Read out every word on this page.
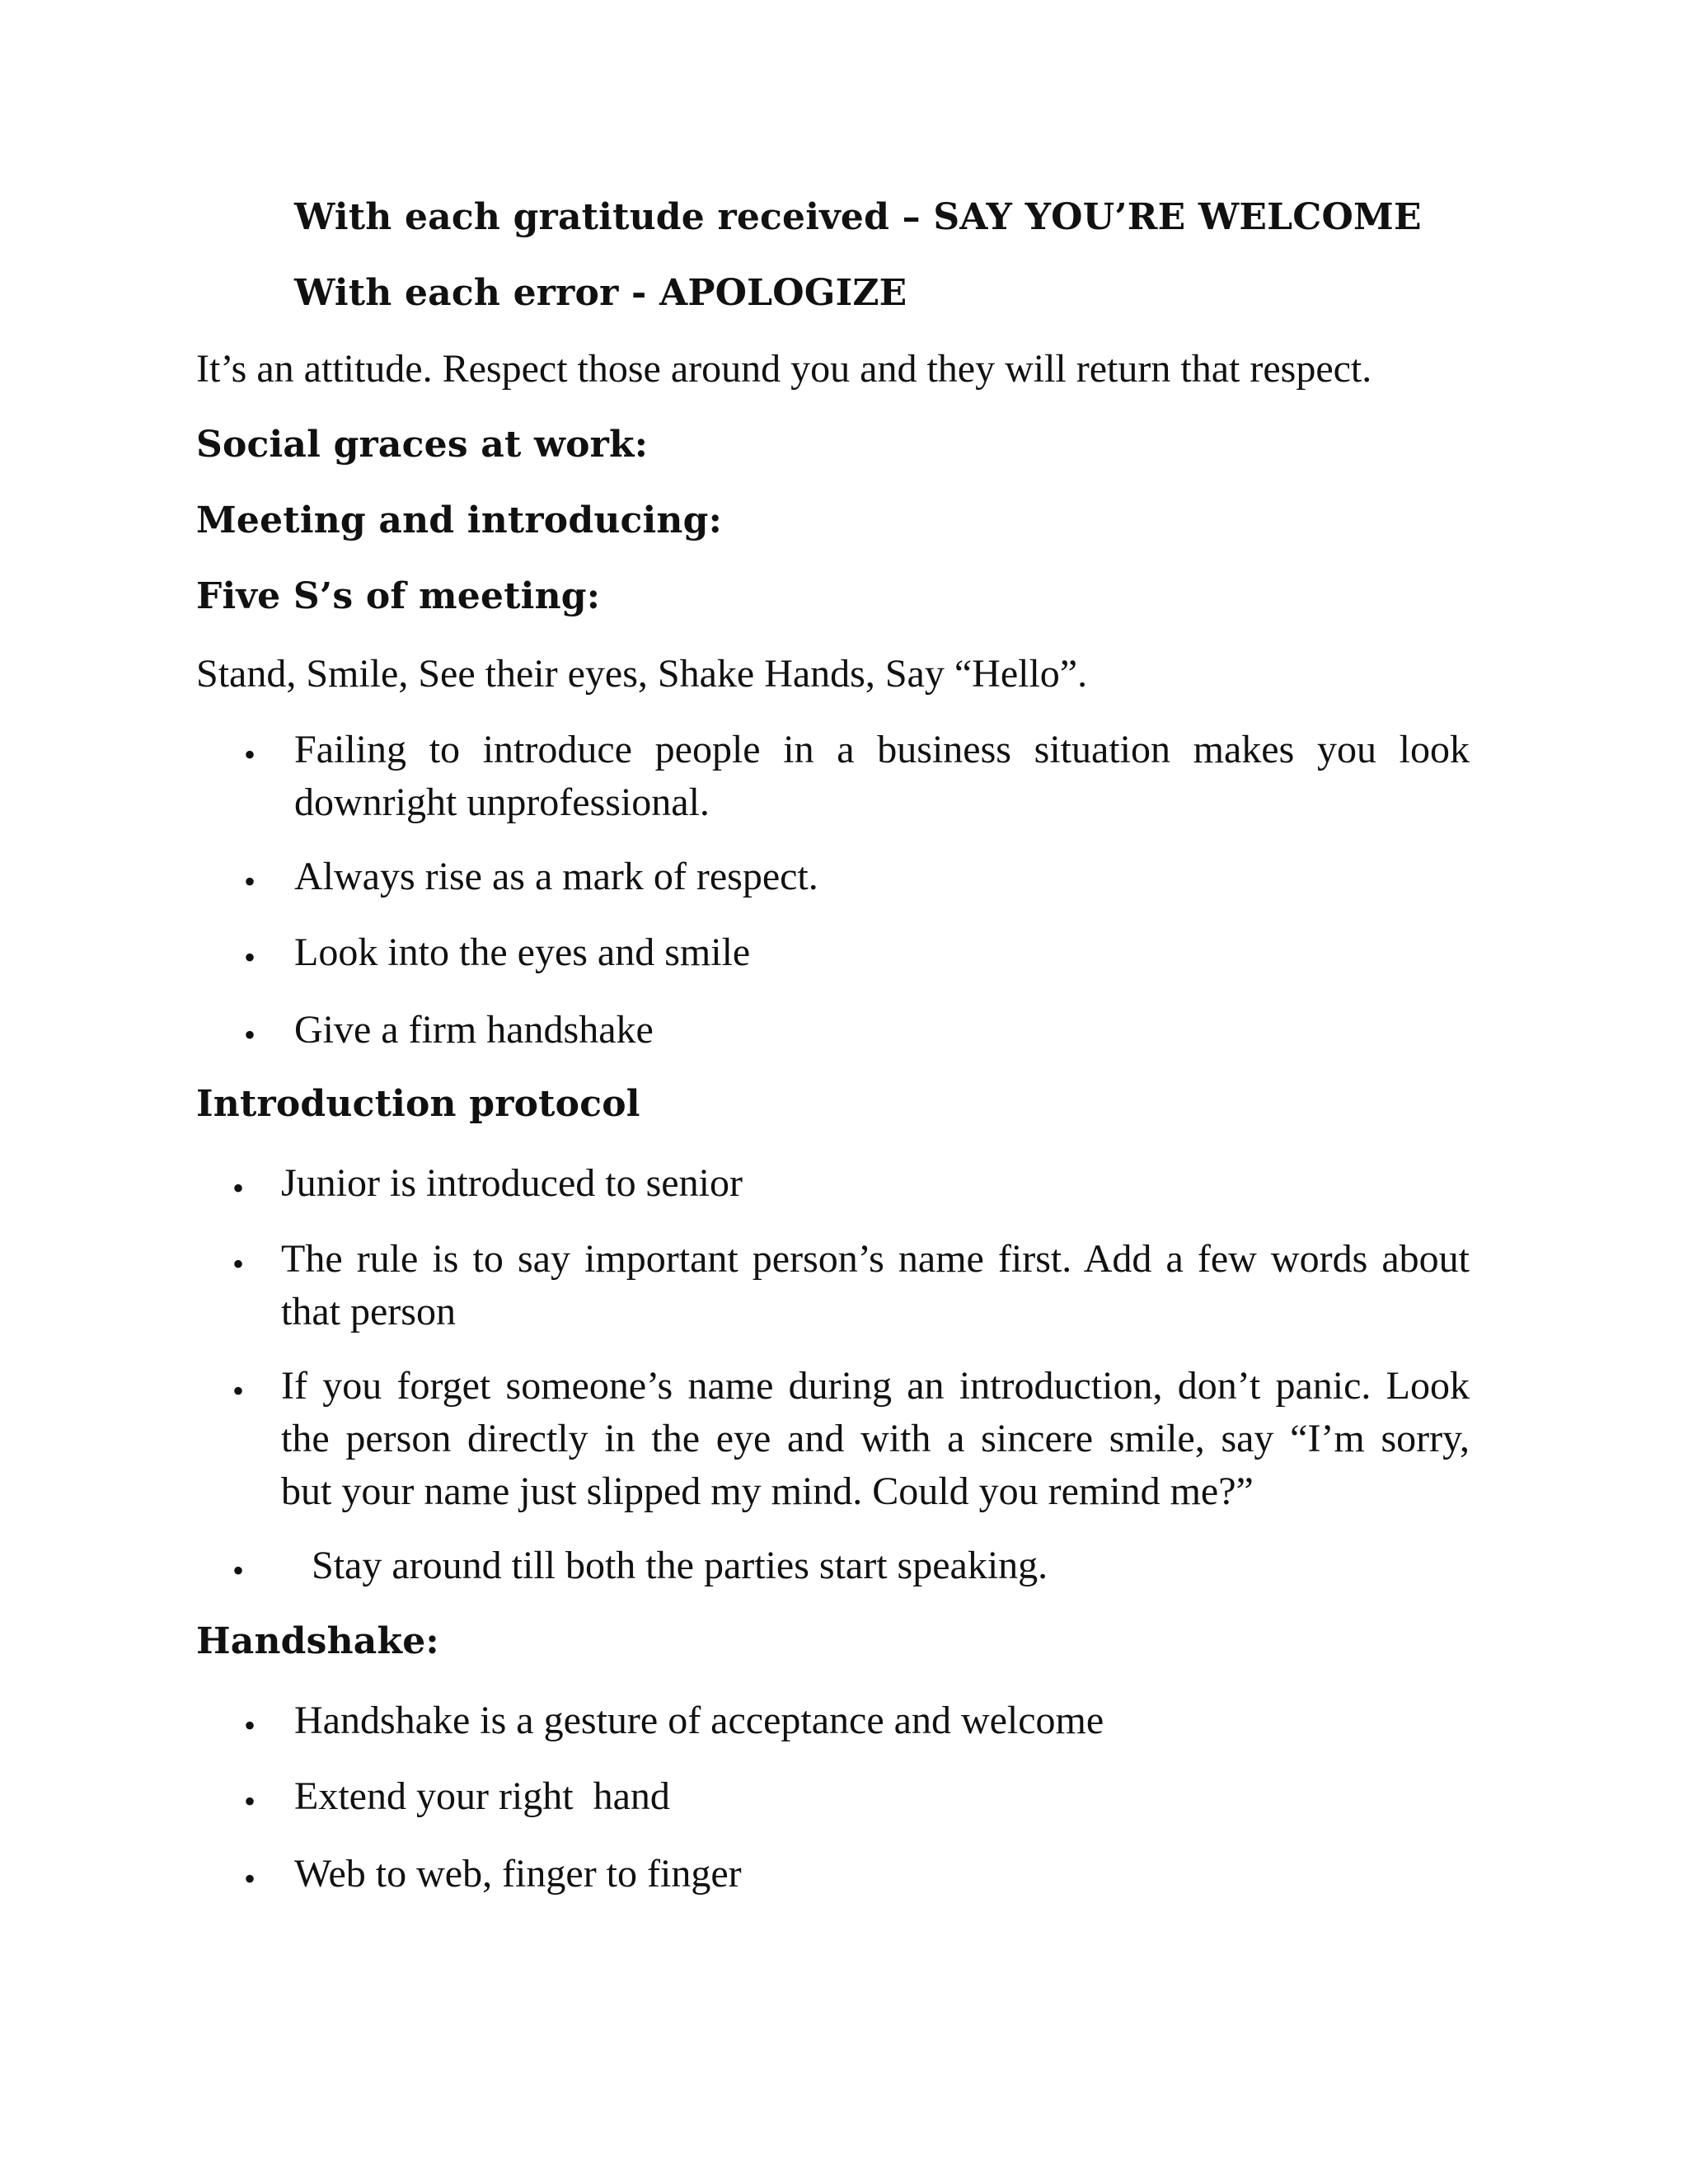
With each gratitude received – SAY YOU’RE WELCOME
With each error - APOLOGIZE
It’s an attitude. Respect those around you and they will return that respect.
Social graces at work:
Meeting and introducing:
Five S’s of meeting:
Stand, Smile, See their eyes, Shake Hands, Say “Hello”.
• Failing to introduce people in a business situation makes you look
downright unprofessional.
• Always rise as a mark of respect.
• Look into the eyes and smile
• Give a firm handshake
Introduction protocol
• Junior is introduced to senior
• The rule is to say important person’s name first. Add a few words about
that person
• If you forget someone’s name during an introduction, don’t panic. Look
the person directly in the eye and with a sincere smile, say “I’m sorry,
but your name just slipped my mind. Could you remind me?”
• Stay around till both the parties start speaking.
Handshake:
• Handshake is a gesture of acceptance and welcome
• Extend your right  hand
• Web to web, finger to finger
